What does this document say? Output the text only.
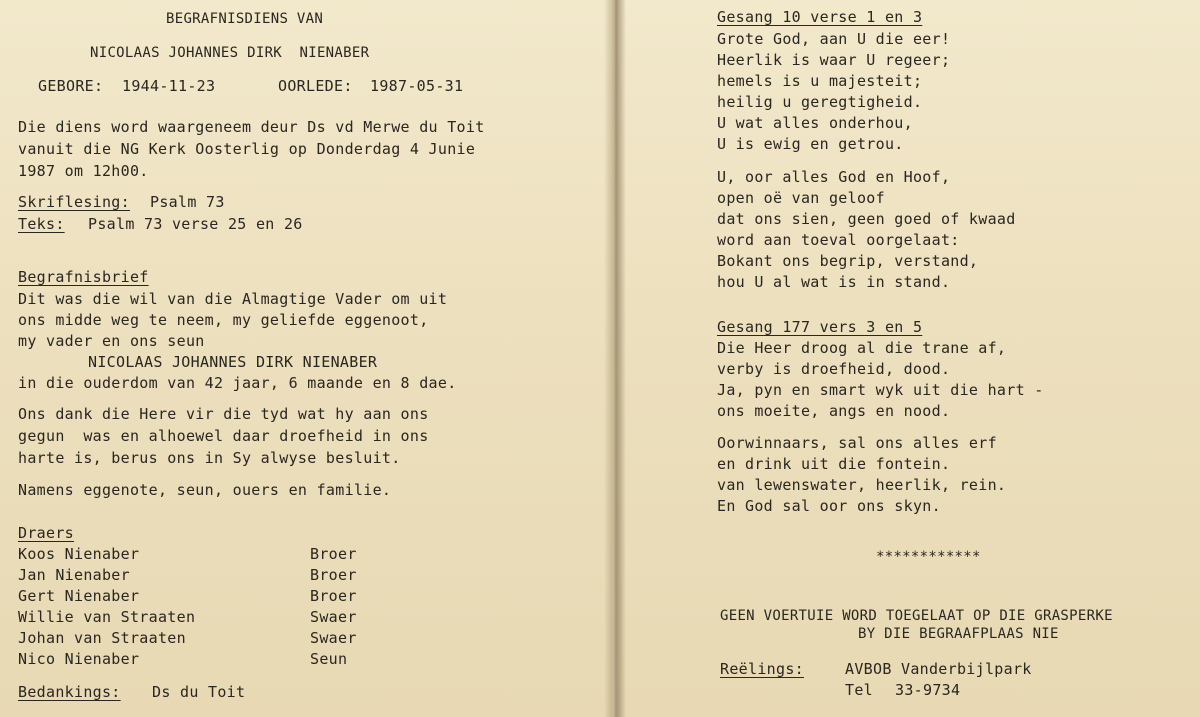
BEGRAFNISDIENS VAN

NICOLAAS JOHANNES DIRK  NIENABER

GEBORE: 1944-11-23	OORLEDE: 1987-05-31

Die diens word waargeneem deur Ds vd Merwe du Toit

vanuit die NG Kerk Oosterlig op Donderdag 4 Junie

1987 om 12h00.

Skriflesing: Psalm 73

Teks: Psalm 73 verse 25 en 26

Begrafnisbrief

Dit was die wil van die Almagtige Vader om uit

ons midde weg te neem, my geliefde eggenoot,

my vader en ons seun

NICOLAAS JOHANNES DIRK NIENABER

in die ouderdom van 42 jaar, 6 maande en 8 dae.

Ons dank die Here vir die tyd wat hy aan ons

gegun  was en alhoewel daar droefheid in ons

harte is, berus ons in Sy alwyse besluit.

Namens eggenote, seun, ouers en familie.

Draers

Koos Nienaber	Broer

Jan Nienaber	Broer

Gert Nienaber	Broer

Willie van Straaten	Swaer

Johan van Straaten	Swaer

Nico Nienaber	Seun

Bedankings: Ds du Toit

Gesang 10 verse 1 en 3

Grote God, aan U die eer!

Heerlik is waar U regeer;

hemels is u majesteit;

heilig u geregtigheid.

U wat alles onderhou,

U is ewig en getrou.

U, oor alles God en Hoof,

open oë van geloof

dat ons sien, geen goed of kwaad

word aan toeval oorgelaat:

Bokant ons begrip, verstand,

hou U al wat is in stand.

Gesang 177 vers 3 en 5

Die Heer droog al die trane af,

verby is droefheid, dood.

Ja, pyn en smart wyk uit die hart -

ons moeite, angs en nood.

Oorwinnaars, sal ons alles erf

en drink uit die fontein.

van lewenswater, heerlik, rein.

En God sal oor ons skyn.

************

GEEN VOERTUIE WORD TOEGELAAT OP DIE GRASPERKE

BY DIE BEGRAAFPLAAS NIE

Reëlings:	AVBOB Vanderbijlpark

Tel 33-9734
